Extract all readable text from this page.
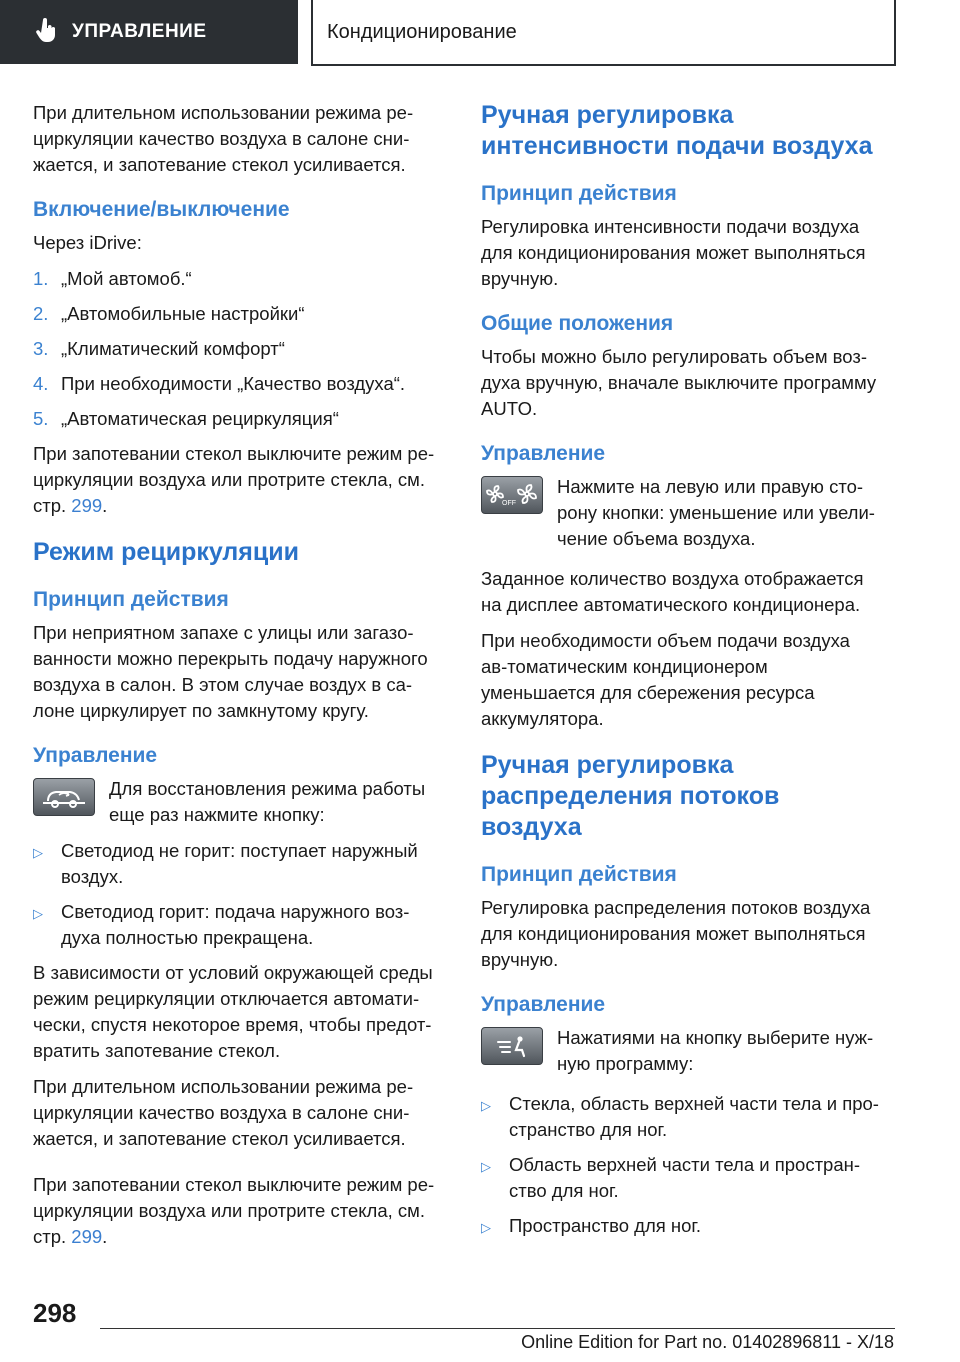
УПРАВЛЕНИЕ	Кондиционирование

При длительном использовании режима ре-циркуляции качество воздуха в салоне сни-жается, и запотевание стекол усиливается.

Включение/выключение

Через iDrive:

1. „Мой автомоб.“
2. „Автомобильные настройки“
3. „Климатический комфорт“
4. При необходимости „Качество воздуха“.
5. „Автоматическая рециркуляция“

При запотевании стекол выключите режим ре-циркуляции воздуха или протрите стекла, см. стр. 299.

Режим рециркуляции
Принцип действия

При неприятном запахе с улицы или загазо-ванности можно перекрыть подачу наружного воздуха в салон. В этом случае воздух в са-лоне циркулирует по замкнутому кругу.

Управление

Для восстановления режима работы еще раз нажмите кнопку:

▷ Светодиод не горит: поступает наружный воздух.
▷ Светодиод горит: подача наружного воз-духа полностью прекращена.

В зависимости от условий окружающей среды режим рециркуляции отключается автомати-чески, спустя некоторое время, чтобы предот-вратить запотевание стекол.

При длительном использовании режима ре-циркуляции качество воздуха в салоне сни-жается, и запотевание стекол усиливается.

При запотевании стекол выключите режим ре-циркуляции воздуха или протрите стекла, см. стр. 299.

Ручная регулировка интенсивности подачи воздуха
Принцип действия

Регулировка интенсивности подачи воздуха для кондиционирования может выполняться вручную.

Общие положения

Чтобы можно было регулировать объем воз-духа вручную, вначале выключите программу AUTO.

Управление
OFF

Нажмите на левую или правую сто-рону кнопки: уменьшение или увели-чение объема воздуха.

Заданное количество воздуха отображается на дисплее автоматического кондиционера.

При необходимости объем подачи воздуха ав-томатическим кондиционером уменьшается для сбережения ресурса аккумулятора.

Ручная регулировка распределения потоков воздуха
Принцип действия

Регулировка распределения потоков воздуха для кондиционирования может выполняться вручную.

Управление

Нажатиями на кнопку выберите нуж-ную программу:

▷ Стекла, область верхней части тела и про-странство для ног.
▷ Область верхней части тела и простран-ство для ног.
▷ Пространство для ног.
298
Online Edition for Part no. 01402896811 - X/18
